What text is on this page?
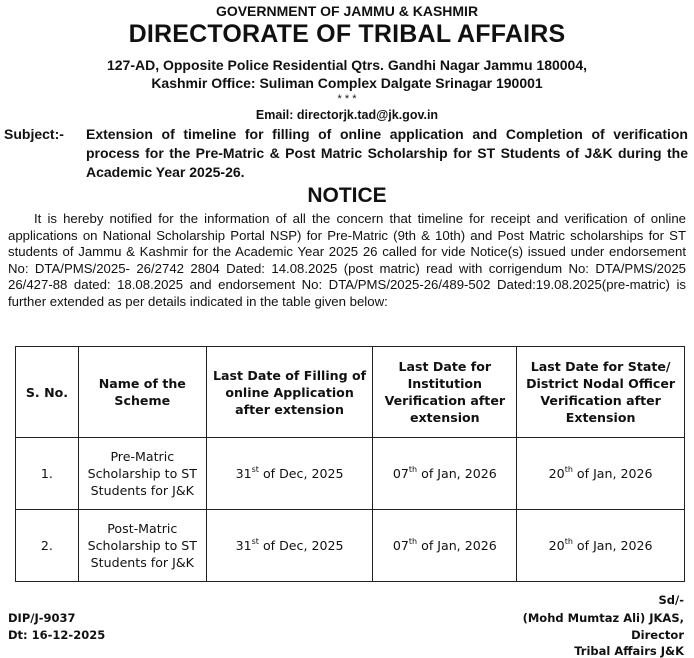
GOVERNMENT OF JAMMU & KASHMIR
DIRECTORATE OF TRIBAL AFFAIRS
127-AD, Opposite Police Residential Qtrs. Gandhi Nagar Jammu 180004,
Kashmir Office: Suliman Complex Dalgate Srinagar 190001
* * *
Email: directorjk.tad@jk.gov.in
Subject:- Extension of timeline for filling of online application and Completion of verification process for the Pre-Matric & Post Matric Scholarship for ST Students of J&K during the Academic Year 2025-26.
NOTICE
It is hereby notified for the information of all the concern that timeline for receipt and verification of online applications on National Scholarship Portal NSP) for Pre-Matric (9th & 10th) and Post Matric scholarships for ST students of Jammu & Kashmir for the Academic Year 2025 26 called for vide Notice(s) issued under endorsement No: DTA/PMS/2025- 26/2742 2804 Dated: 14.08.2025 (post matric) read with corrigendum No: DTA/PMS/2025 26/427-88 dated: 18.08.2025 and endorsement No: DTA/PMS/2025-26/489-502 Dated:19.08.2025(pre-matric) is further extended as per details indicated in the table given below:
S. No.	Name of the Scheme	Last Date of Filling of online Application after extension	Last Date for Institution Verification after extension	Last Date for State/ District Nodal Officer Verification after Extension
1.	Pre-Matric Scholarship to ST Students for J&K	31st of Dec, 2025	07th of Jan, 2026	20th of Jan, 2026
2.	Post-Matric Scholarship to ST Students for J&K	31st of Dec, 2025	07th of Jan, 2026	20th of Jan, 2026
DIP/J-9037
Dt: 16-12-2025
Sd/-
(Mohd Mumtaz Ali) JKAS,
Director
Tribal Affairs J&K
